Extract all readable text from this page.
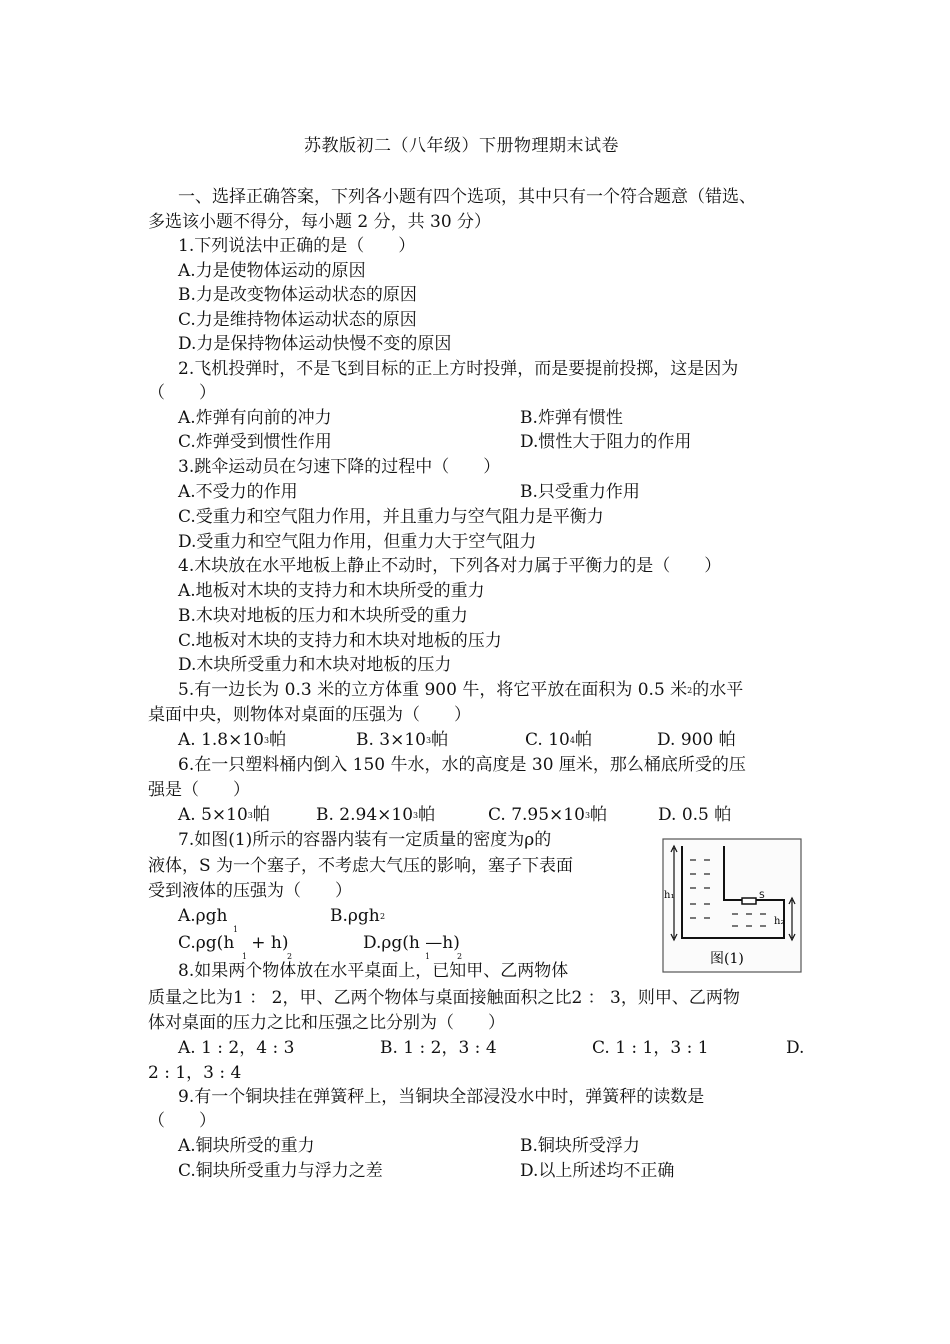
苏教版初二（八年级）下册物理期末试卷
一、选择正确答案，下列各小题有四个选项，其中只有一个符合题意（错选、
多选该小题不得分，每小题 2 分，共 30 分）
1.下列说法中正确的是（　　）
A.力是使物体运动的原因
B.力是改变物体运动状态的原因
C.力是维持物体运动状态的原因
D.力是保持物体运动快慢不变的原因
2.飞机投弹时，不是飞到目标的正上方时投弹，而是要提前投掷，这是因为
（　　）
A.炸弹有向前的冲力	B.炸弹有惯性
C.炸弹受到惯性作用	D.惯性大于阻力的作用
3.跳伞运动员在匀速下降的过程中（　　）
A.不受力的作用	B.只受重力作用
C.受重力和空气阻力作用，并且重力与空气阻力是平衡力
D.受重力和空气阻力作用，但重力大于空气阻力
4.木块放在水平地板上静止不动时，下列各对力属于平衡力的是（　　）
A.地板对木块的支持力和木块所受的重力
B.木块对地板的压力和木块所受的重力
C.地板对木块的支持力和木块对地板的压力
D.木块所受重力和木块对地板的压力
5.有一边长为 0.3 米的立方体重 900 牛，将它平放在面积为 0.5 米$^2$的水平
桌面中央，则物体对桌面的压强为（　　）
A. $1.8\times 10^3$帕	B. $3\times 10^3$帕	C. $10^4$帕	D. 900 帕
6.在一只塑料桶内倒入 150 牛水，水的高度是 30 厘米，那么桶底所受的压
强是（　　）
A. $5\times 10^3$帕	B. $2.94\times 10^3$帕	C. $7.95\times 10^3$帕	D. 0.5 帕
7.如图(1)所示的容器内装有一定质量的密度为ρ的
液体，S 为一个塞子，不考虑大气压的影响，塞子下表面
受到液体的压强为（　　）
A.ρgh	B.ρgh
C.ρg(h　+ h)	D.ρg(h —h)
1
2
1	2	1	2
S
h₁
h₂
图(1)
8.如果两个物体放在水平桌面上，已知甲、乙两物体
质量之比为1 ： 2，甲、乙两个物体与桌面接触面积之比2 ： 3，则甲、乙两物
体对桌面的压力之比和压强之比分别为（　　）
A. 1 : 2，4 : 3	B. 1 : 2，3 : 4	C. 1 : 1，3 : 1	D.
2 : 1，3 : 4
9.有一个铜块挂在弹簧秤上，当铜块全部浸没水中时，弹簧秤的读数是
（　　）
A.铜块所受的重力	B.铜块所受浮力
C.铜块所受重力与浮力之差	D.以上所述均不正确
